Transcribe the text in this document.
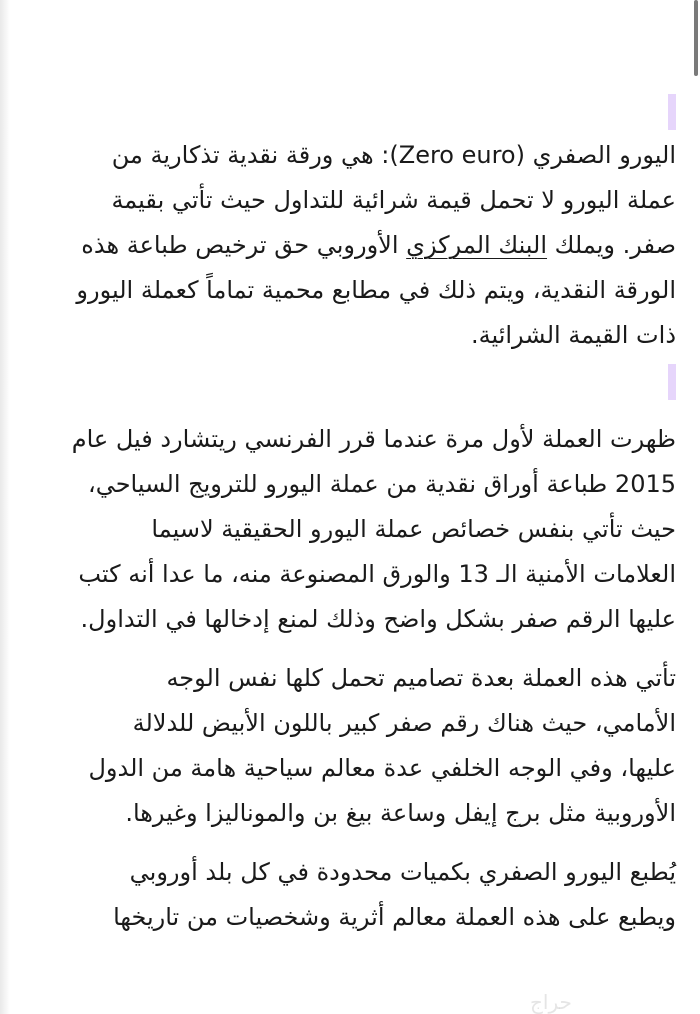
اليورو الصفري (Zero euro): هي ورقة نقدية تذكارية من
عملة اليورو لا تحمل قيمة شرائية للتداول حيث تأتي بقيمة
صفر. ويملك البنك المركزي الأوروبي حق ترخيص طباعة هذه
الورقة النقدية، ويتم ذلك في مطابع محمية تماماً كعملة اليورو
ذات القيمة الشرائية.

ظهرت العملة لأول مرة عندما قرر الفرنسي ريتشارد فيل عام
2015 طباعة أوراق نقدية من عملة اليورو للترويج السياحي،
حيث تأتي بنفس خصائص عملة اليورو الحقيقية لاسيما
العلامات الأمنية الـ 13 والورق المصنوعة منه، ما عدا أنه كتب
عليها الرقم صفر بشكل واضح وذلك لمنع إدخالها في التداول.

تأتي هذه العملة بعدة تصاميم تحمل كلها نفس الوجه
الأمامي، حيث هناك رقم صفر كبير باللون الأبيض للدلالة
عليها، وفي الوجه الخلفي عدة معالم سياحية هامة من الدول
الأوروبية مثل برج إيفل وساعة بيغ بن والموناليزا وغيرها.

يُطبع اليورو الصفري بكميات محدودة في كل بلد أوروبي
ويطبع على هذه العملة معالم أثرية وشخصيات من تاريخها

حراج
